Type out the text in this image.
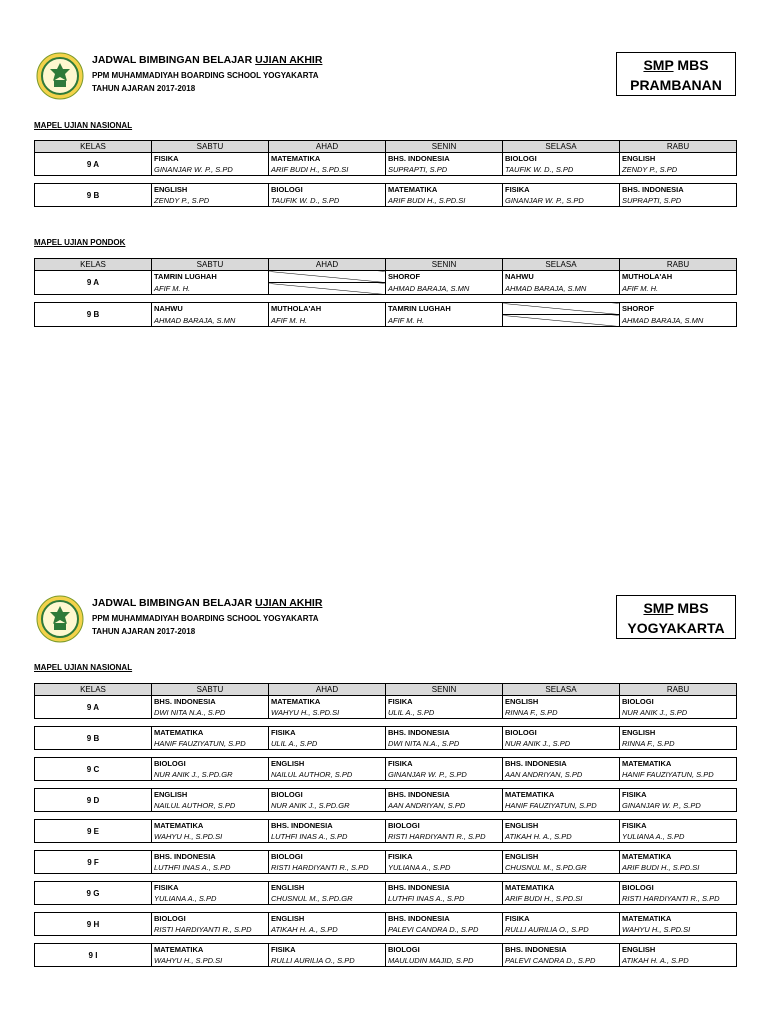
JADWAL BIMBINGAN BELAJAR UJIAN AKHIR
PPM MUHAMMADIYAH BOARDING SCHOOL YOGYAKARTA
TAHUN AJARAN 2017-2018
SMP MBS
PRAMBANAN
MAPEL UJIAN NASIONAL
KELAS	SABTU	AHAD	SENIN	SELASA	RABU
9 A	FISIKA	MATEMATIKA	BHS. INDONESIA	BIOLOGI	ENGLISH
	GINANJAR W. P., S.PD	ARIF BUDI H., S.PD.SI	SUPRAPTI, S.PD	TAUFIK W. D., S.PD	ZENDY P., S.PD

9 B	ENGLISH	BIOLOGI	MATEMATIKA	FISIKA	BHS. INDONESIA
	ZENDY P., S.PD	TAUFIK W. D., S.PD	ARIF BUDI H., S.PD.SI	GINANJAR W. P., S.PD	SUPRAPTI, S.PD
MAPEL UJIAN PONDOK
KELAS	SABTU	AHAD	SENIN	SELASA	RABU
9 A	TAMRIN LUGHAH		SHOROF	NAHWU	MUTHOLA'AH
	AFIF M. H.		AHMAD BARAJA, S.MN	AHMAD BARAJA, S.MN	AFIF M. H.

9 B	NAHWU	MUTHOLA'AH	TAMRIN LUGHAH		SHOROF
	AHMAD BARAJA, S.MN	AFIF M. H.	AFIF M. H.		AHMAD BARAJA, S.MN
JADWAL BIMBINGAN BELAJAR UJIAN AKHIR
PPM MUHAMMADIYAH BOARDING SCHOOL YOGYAKARTA
TAHUN AJARAN 2017-2018
SMP MBS
YOGYAKARTA
MAPEL UJIAN NASIONAL
KELAS	SABTU	AHAD	SENIN	SELASA	RABU
9 A	BHS. INDONESIA	MATEMATIKA	FISIKA	ENGLISH	BIOLOGI
	DWI NITA N.A., S.PD	WAHYU H., S.PD.SI	ULIL A., S.PD	RINNA F., S.PD	NUR ANIK J., S.PD

9 B	MATEMATIKA	FISIKA	BHS. INDONESIA	BIOLOGI	ENGLISH
	HANIF FAUZIYATUN, S.PD	ULIL A., S.PD	DWI NITA N.A., S.PD	NUR ANIK J., S.PD	RINNA F., S.PD

9 C	BIOLOGI	ENGLISH	FISIKA	BHS. INDONESIA	MATEMATIKA
	NUR ANIK J., S.PD.GR	NAILUL AUTHOR, S.PD	GINANJAR W. P., S.PD	AAN ANDRIYAN, S.PD	HANIF FAUZIYATUN, S.PD

9 D	ENGLISH	BIOLOGI	BHS. INDONESIA	MATEMATIKA	FISIKA
	NAILUL AUTHOR, S.PD	NUR ANIK J., S.PD.GR	AAN ANDRIYAN, S.PD	HANIF FAUZIYATUN, S.PD	GINANJAR W. P., S.PD

9 E	MATEMATIKA	BHS. INDONESIA	BIOLOGI	ENGLISH	FISIKA
	WAHYU H., S.PD.SI	LUTHFI INAS A., S.PD	RISTI HARDIYANTI R., S.PD	ATIKAH H. A., S.PD	YULIANA A., S.PD

9 F	BHS. INDONESIA	BIOLOGI	FISIKA	ENGLISH	MATEMATIKA
	LUTHFI INAS A., S.PD	RISTI HARDIYANTI R., S.PD	YULIANA A., S.PD	CHUSNUL M., S.PD.GR	ARIF BUDI H., S.PD.SI

9 G	FISIKA	ENGLISH	BHS. INDONESIA	MATEMATIKA	BIOLOGI
	YULIANA A., S.PD	CHUSNUL M., S.PD.GR	LUTHFI INAS A., S.PD	ARIF BUDI H., S.PD.SI	RISTI HARDIYANTI R., S.PD

9 H	BIOLOGI	ENGLISH	BHS. INDONESIA	FISIKA	MATEMATIKA
	RISTI HARDIYANTI R., S.PD	ATIKAH H. A., S.PD	PALEVI CANDRA D., S.PD	RULLI AURILIA O., S.PD	WAHYU H., S.PD.SI

9 I	MATEMATIKA	FISIKA	BIOLOGI	BHS. INDONESIA	ENGLISH
	WAHYU H., S.PD.SI	RULLI AURILIA O., S.PD	MAULUDIN MAJID, S.PD	PALEVI CANDRA D., S.PD	ATIKAH H. A., S.PD
